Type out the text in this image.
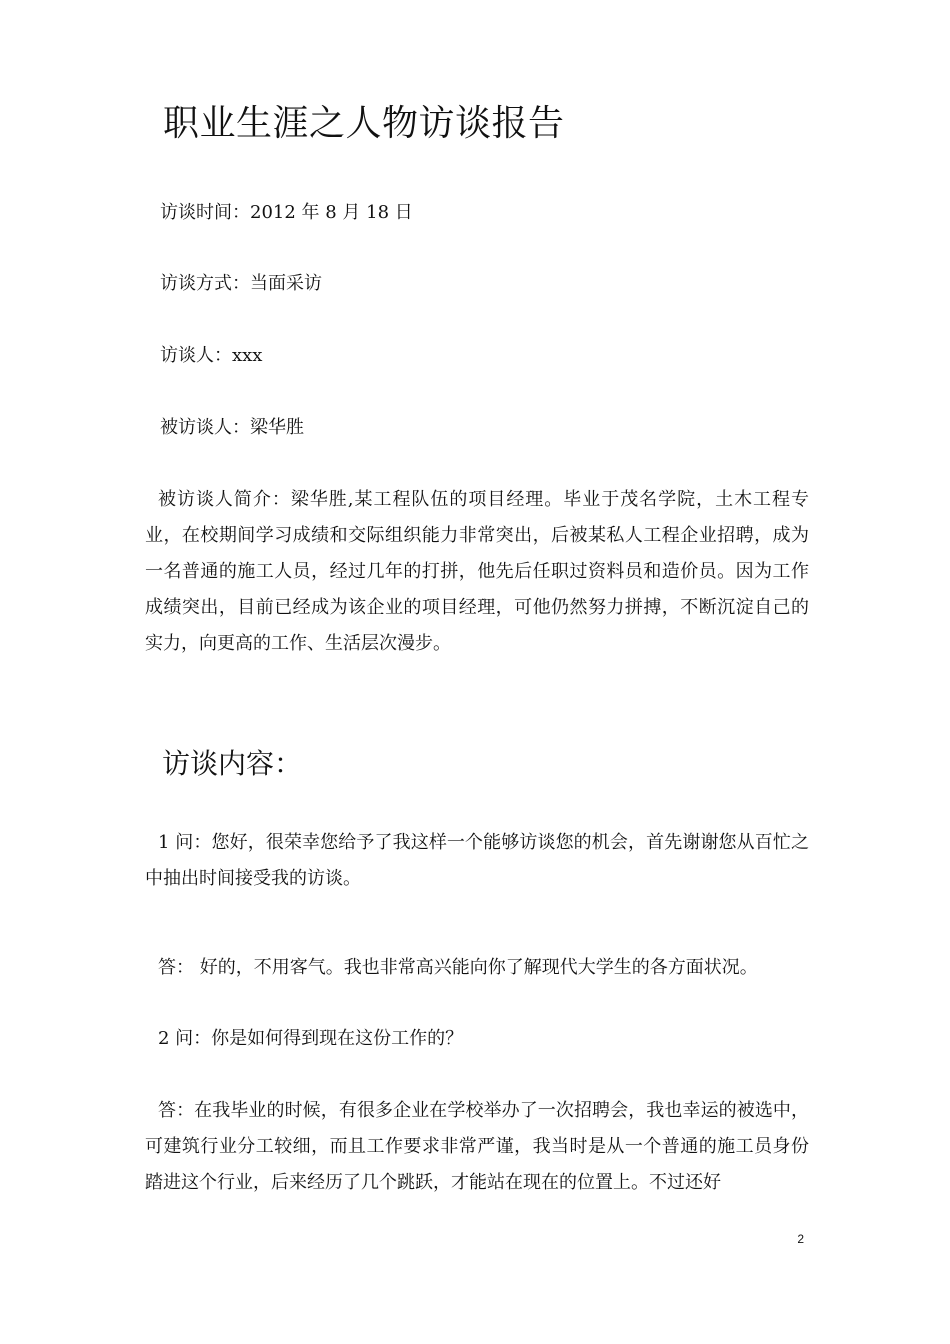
职业生涯之人物访谈报告
访谈时间：2012 年 8 月 18 日
访谈方式：当面采访
访谈人：xxx
被访谈人：梁华胜

被访谈人简介：梁华胜,某工程队伍的项目经理。毕业于茂名学院，土木工程专业，在校期间学习成绩和交际组织能力非常突出，后被某私人工程企业招聘，成为一名普通的施工人员，经过几年的打拼，他先后任职过资料员和造价员。因为工作成绩突出，目前已经成为该企业的项目经理，可他仍然努力拼搏，不断沉淀自己的实力，向更高的工作、生活层次漫步。

访谈内容：

1 问：您好，很荣幸您给予了我这样一个能够访谈您的机会，首先谢谢您从百忙之中抽出时间接受我的访谈。

答： 好的，不用客气。我也非常高兴能向你了解现代大学生的各方面状况。

2 问：你是如何得到现在这份工作的？

答：在我毕业的时候，有很多企业在学校举办了一次招聘会，我也幸运的被选中，可建筑行业分工较细，而且工作要求非常严谨，我当时是从一个普通的施工员身份踏进这个行业，后来经历了几个跳跃，才能站在现在的位置上。不过还好

2
